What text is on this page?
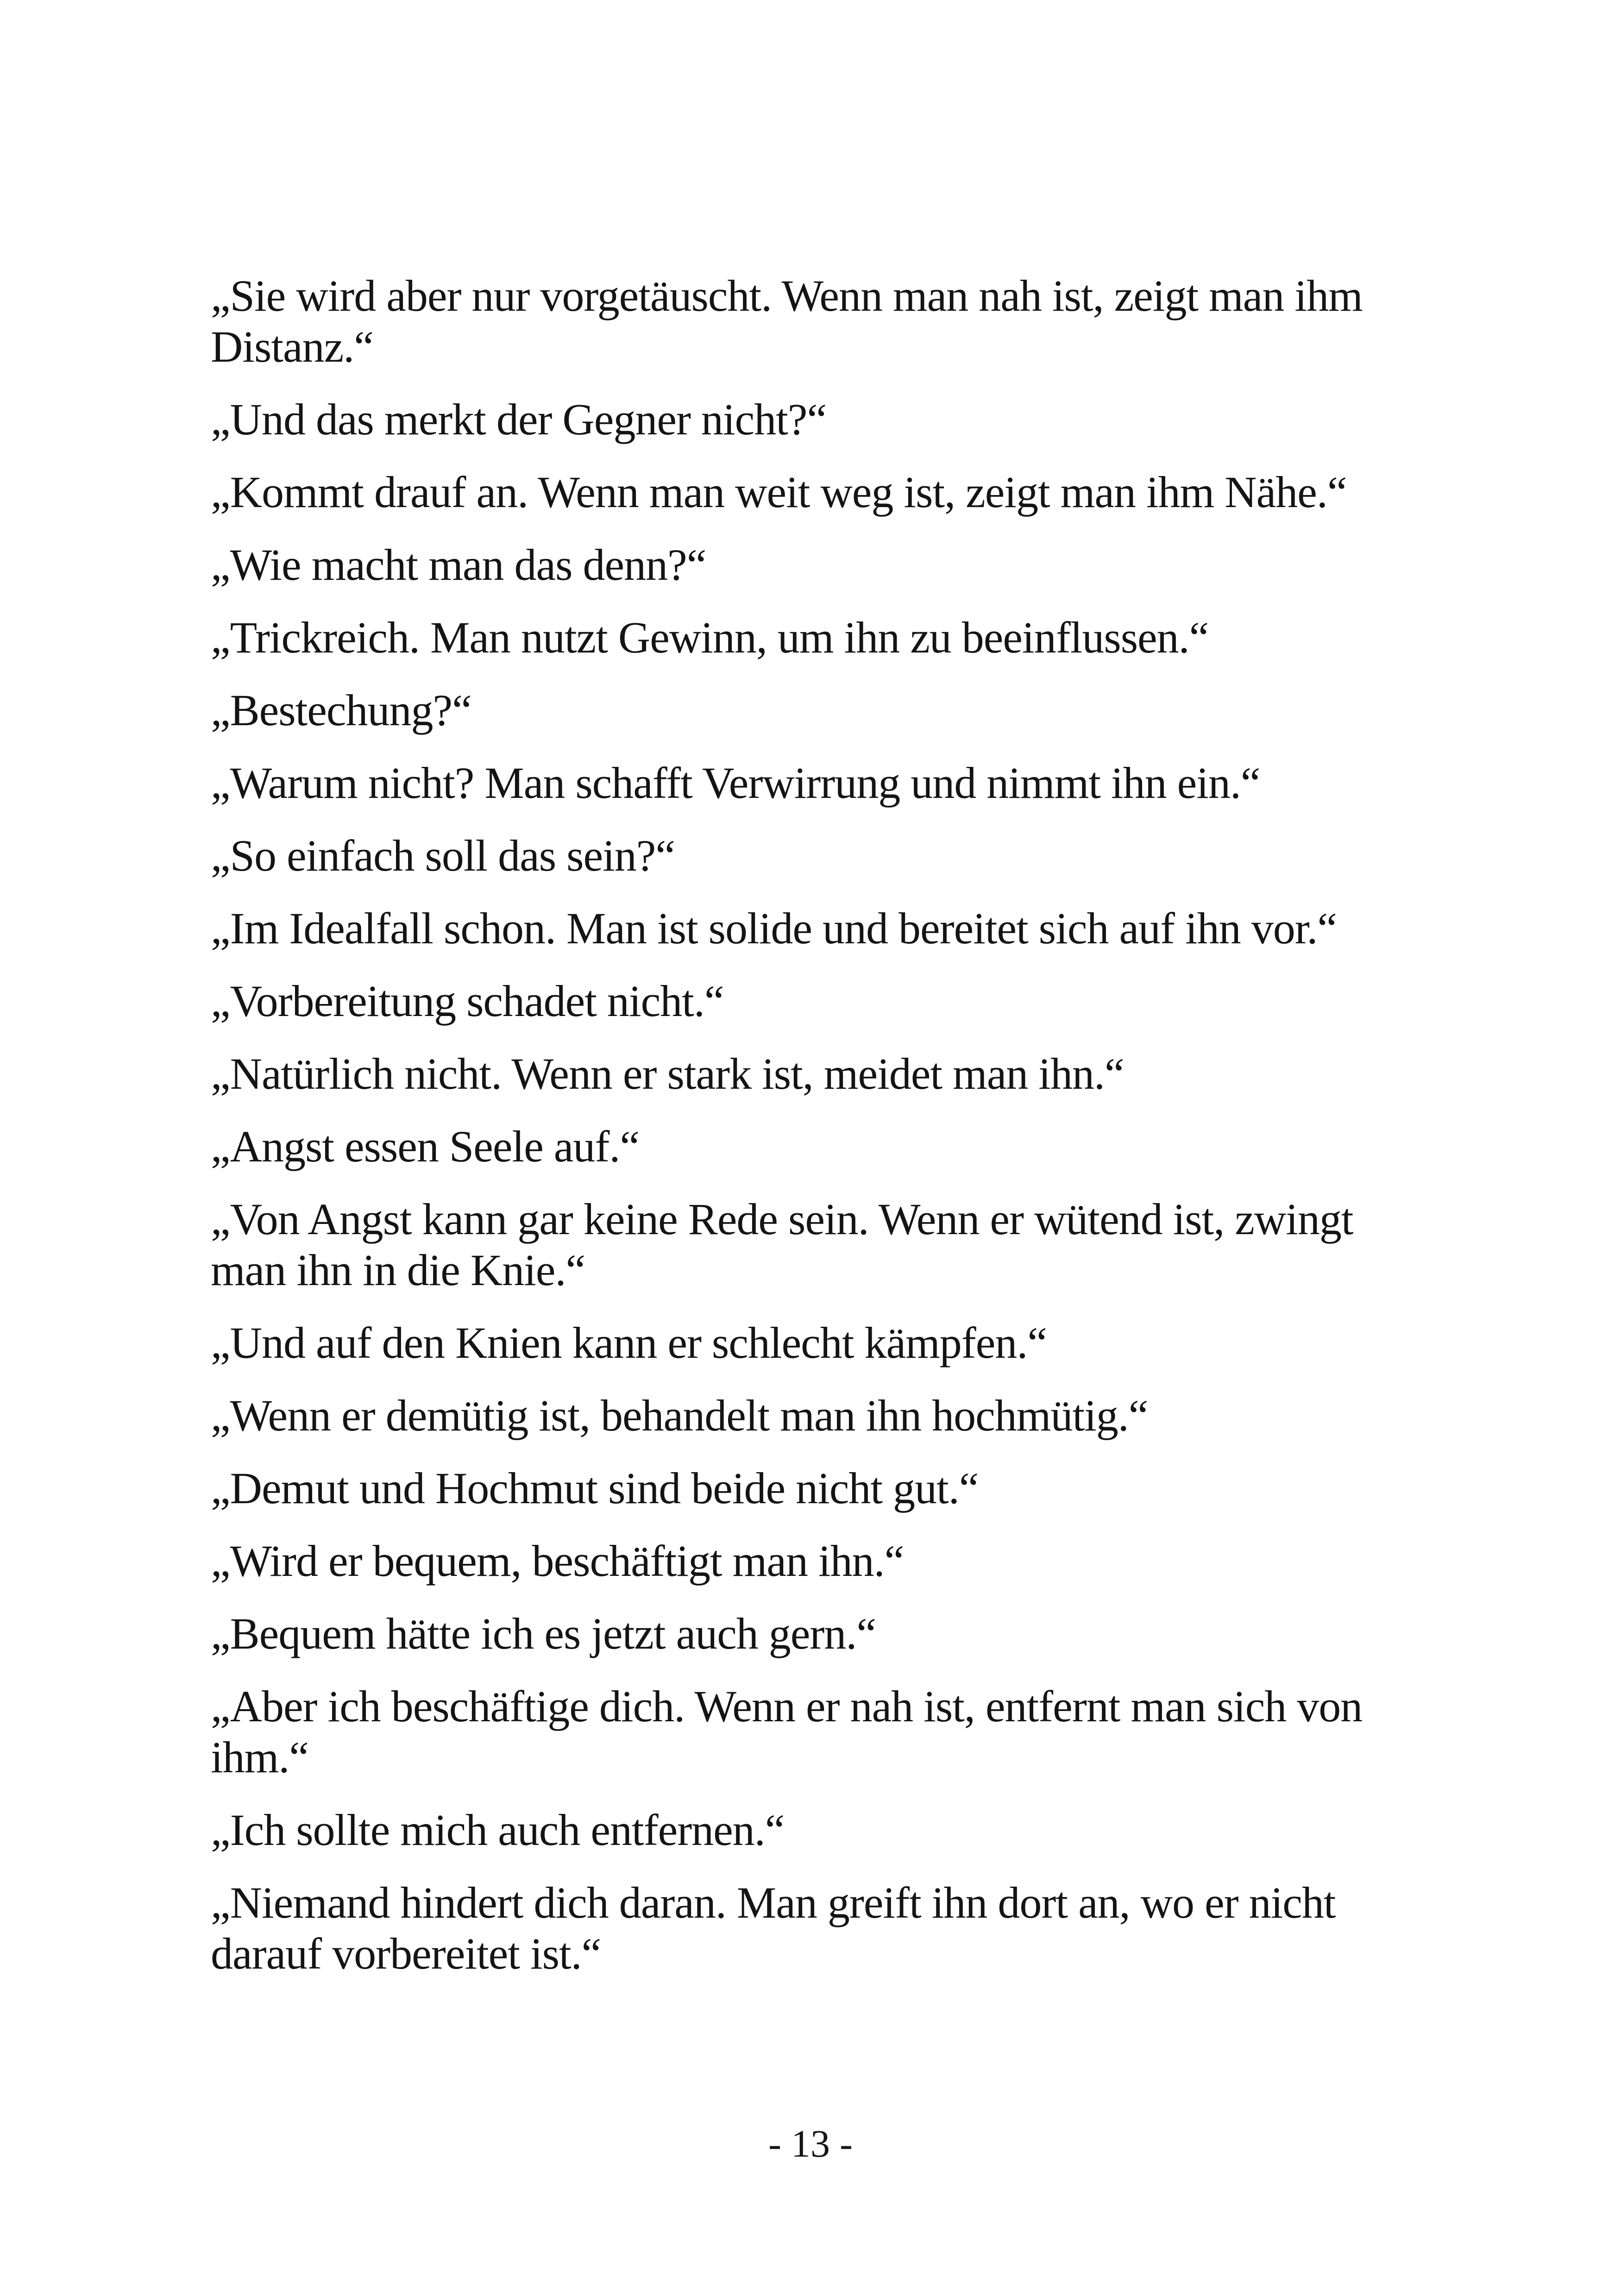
„Sie wird aber nur vorgetäuscht. Wenn man nah ist, zeigt man ihm Distanz.“

„Und das merkt der Gegner nicht?“

„Kommt drauf an. Wenn man weit weg ist, zeigt man ihm Nähe.“

„Wie macht man das denn?“

„Trickreich. Man nutzt Gewinn, um ihn zu beeinflussen.“

„Bestechung?“

„Warum nicht? Man schafft Verwirrung und nimmt ihn ein.“

„So einfach soll das sein?“

„Im Idealfall schon. Man ist solide und bereitet sich auf ihn vor.“

„Vorbereitung schadet nicht.“

„Natürlich nicht. Wenn er stark ist, meidet man ihn.“

„Angst essen Seele auf.“

„Von Angst kann gar keine Rede sein. Wenn er wütend ist, zwingt man ihn in die Knie.“

„Und auf den Knien kann er schlecht kämpfen.“

„Wenn er demütig ist, behandelt man ihn hochmütig.“

„Demut und Hochmut sind beide nicht gut.“

„Wird er bequem, beschäftigt man ihn.“

„Bequem hätte ich es jetzt auch gern.“

„Aber ich beschäftige dich. Wenn er nah ist, entfernt man sich von ihm.“

„Ich sollte mich auch entfernen.“

„Niemand hindert dich daran. Man greift ihn dort an, wo er nicht darauf vorbereitet ist.“

- 13 -
